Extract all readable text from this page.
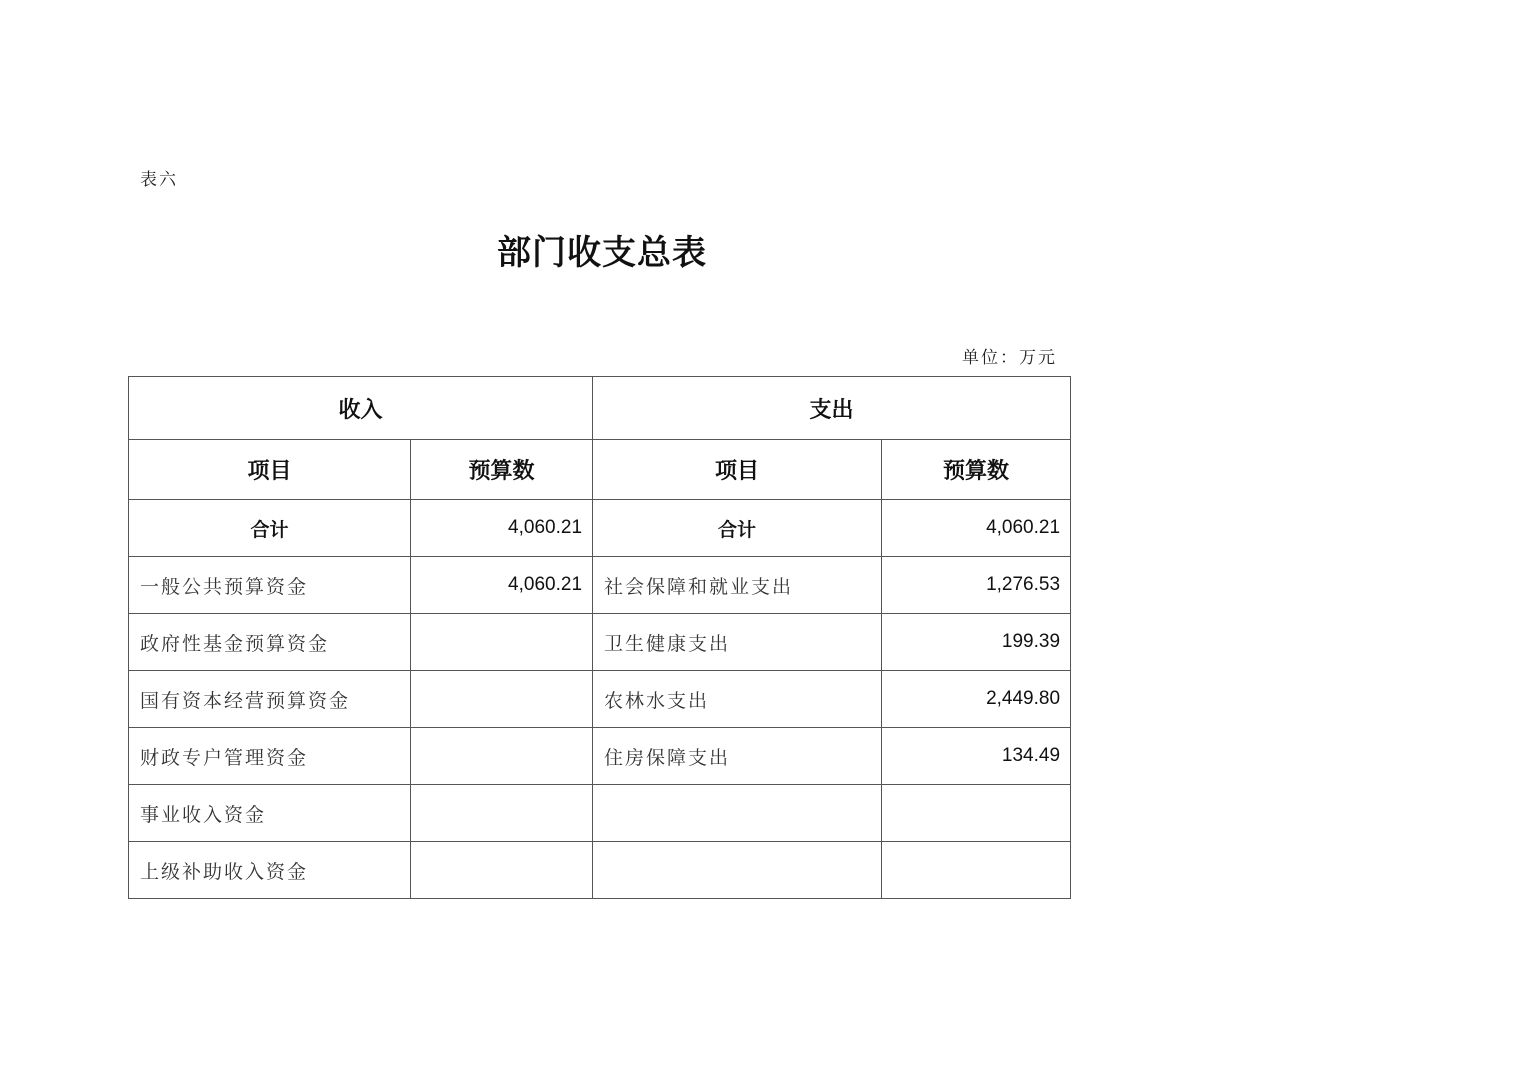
表六
部门收支总表
单位：万元
收入		支出	
项目	预算数	项目	预算数
合计	4,060.21	合计	4,060.21
一般公共预算资金	4,060.21	社会保障和就业支出	1,276.53
政府性基金预算资金		卫生健康支出	199.39
国有资本经营预算资金		农林水支出	2,449.80
财政专户管理资金		住房保障支出	134.49
事业收入资金			
上级补助收入资金			
